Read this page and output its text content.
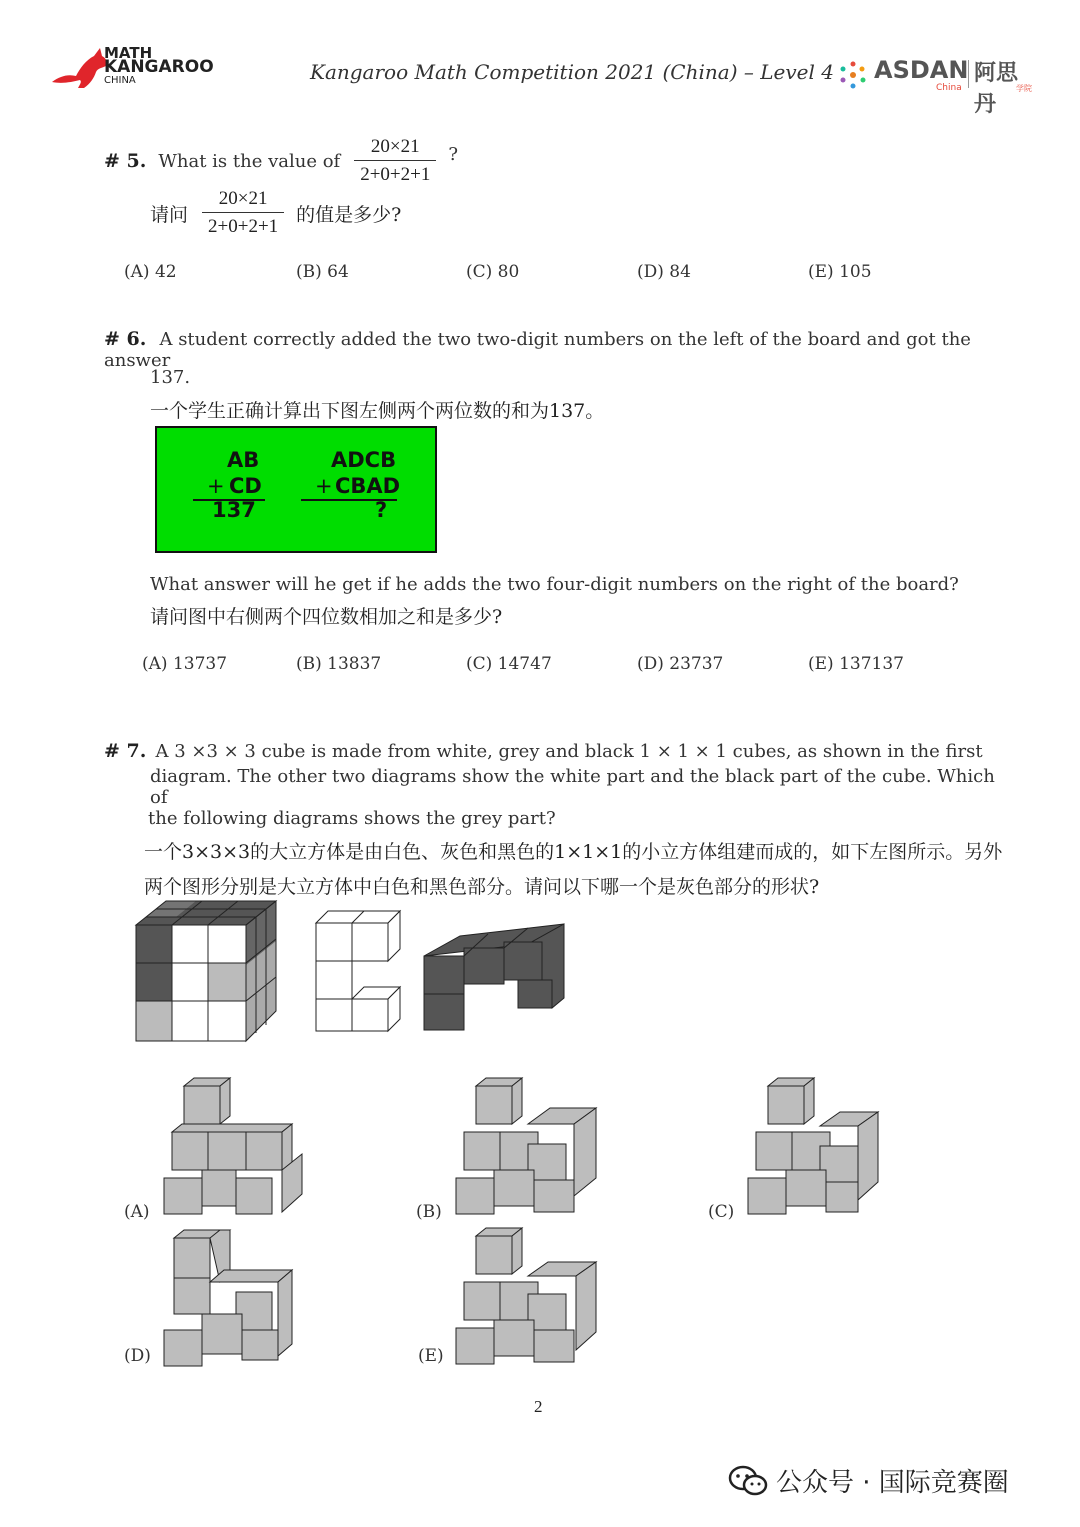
MATH
KANGAROO
CHINA	Kangaroo Math Competition 2021 (China) – Level 4 ASDAN 阿思丹
China	学院
# 5. What is the value of $\frac{20\times 21}{2+0+2+1}$ ?
请问 $\frac{20\times 21}{2+0+2+1}$ 的值是多少?
(A) 42	(B) 64	(C) 80	(D) 84	(E) 105
# 6. A student correctly added the two two-digit numbers on the left of the board and got the answer
137.
一个学生正确计算出下图左侧两个两位数的和为137。
AB
+ CD
137
ADCB
+ CBAD
?
What answer will he get if he adds the two four-digit numbers on the right of the board?
请问图中右侧两个四位数相加之和是多少?
(A) 13737	(B) 13837	(C) 14747	(D) 23737	(E) 137137
# 7. A 3 ×3 × 3 cube is made from white, grey and black 1 × 1 × 1 cubes, as shown in the first
diagram. The other two diagrams show the white part and the black part of the cube. Which of
the following diagrams shows the grey part?
一个3×3×3的大立方体是由白色、灰色和黑色的1×1×1的小立方体组建而成的，如下左图所示。另外
两个图形分别是大立方体中白色和黑色部分。请问以下哪一个是灰色部分的形状?
(A)	(B)	(C)
(D)	(E)
2
公众号 · 国际竞赛圈
